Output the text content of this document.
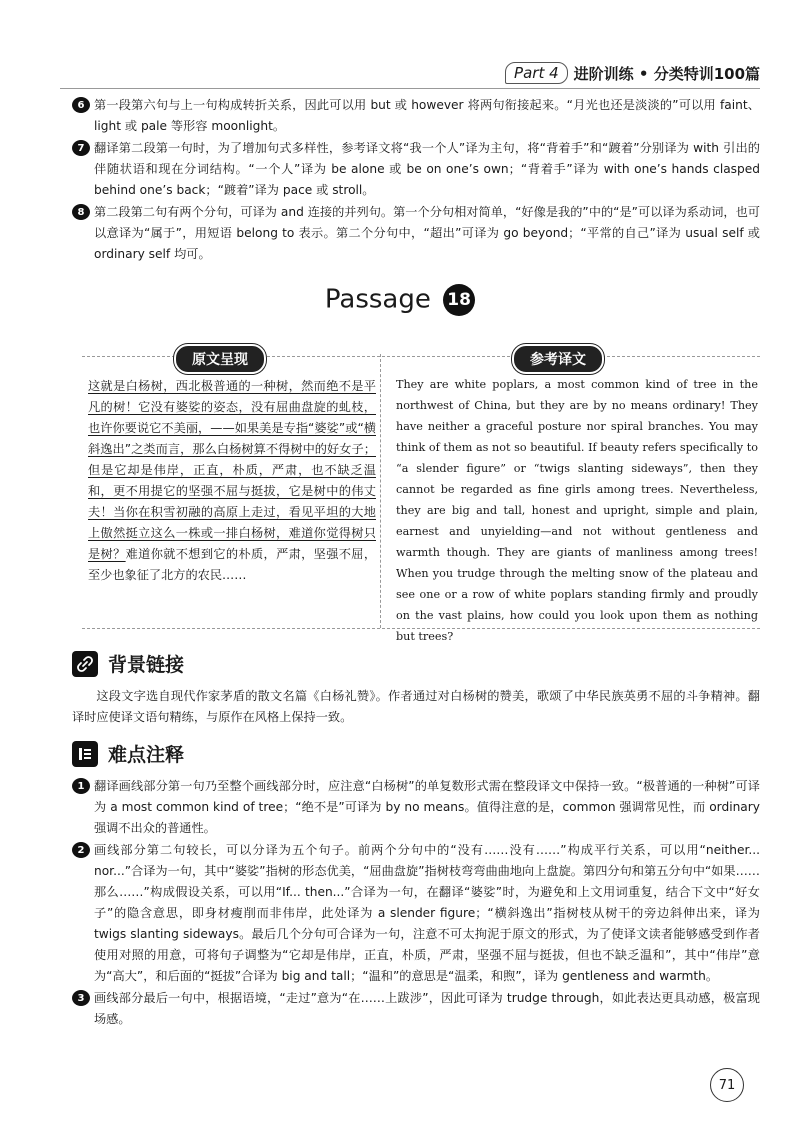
Part 4	进阶训练 • 分类特训100篇
6 第一段第六句与上一句构成转折关系，因此可以用 but 或 however 将两句衔接起来。“月光也还是淡淡的”可以用 faint、light 或 pale 等形容 moonlight。
7 翻译第二段第一句时，为了增加句式多样性，参考译文将“我一个人”译为主句，将“背着手”和“踱着”分别译为 with 引出的伴随状语和现在分词结构。“一个人”译为 be alone 或 be on one’s own；“背着手”译为 with one’s hands clasped behind one’s back；“踱着”译为 pace 或 stroll。
8 第二段第二句有两个分句，可译为 and 连接的并列句。第一个分句相对简单，“好像是我的”中的“是”可以译为系动词，也可以意译为“属于”，用短语 belong to 表示。第二个分句中，“超出”可译为 go beyond；“平常的自己”译为 usual self 或 ordinary self 均可。
Passage 18
原文呈现	参考译文
这就是白杨树，西北极普通的一种树，然而绝不是平凡的树！它没有婆娑的姿态，没有屈曲盘旋的虬枝，也许你要说它不美丽，——如果美是专指“婆娑”或“横斜逸出”之类而言，那么白杨树算不得树中的好女子；但是它却是伟岸，正直，朴质，严肃，也不缺乏温和，更不用提它的坚强不屈与挺拔，它是树中的伟丈夫！当你在积雪初融的高原上走过，看见平坦的大地上傲然挺立这么一株或一排白杨树，难道你觉得树只是树？难道你就不想到它的朴质，严肃，坚强不屈，至少也象征了北方的农民……
They are white poplars, a most common kind of tree in the northwest of China, but they are by no means ordinary! They have neither a graceful posture nor spiral branches. You may think of them as not so beautiful. If beauty refers specifically to “a slender figure” or “twigs slanting sideways”, then they cannot be regarded as fine girls among trees. Nevertheless, they are big and tall, honest and upright, simple and plain, earnest and unyielding—and not without gentleness and warmth though. They are giants of manliness among trees! When you trudge through the melting snow of the plateau and see one or a row of white poplars standing firmly and proudly on the vast plains, how could you look upon them as nothing but trees?
背景链接
这段文字选自现代作家茅盾的散文名篇《白杨礼赞》。作者通过对白杨树的赞美，歌颂了中华民族英勇不屈的斗争精神。翻译时应使译文语句精练，与原作在风格上保持一致。
难点注释
1 翻译画线部分第一句乃至整个画线部分时，应注意“白杨树”的单复数形式需在整段译文中保持一致。“极普通的一种树”可译为 a most common kind of tree；“绝不是”可译为 by no means。值得注意的是，common 强调常见性，而 ordinary 强调不出众的普通性。
2 画线部分第二句较长，可以分译为五个句子。前两个分句中的“没有……没有……”构成平行关系，可以用“neither... nor...”合译为一句，其中“婆娑”指树的形态优美，“屈曲盘旋”指树枝弯弯曲曲地向上盘旋。第四分句和第五分句中“如果……那么……”构成假设关系，可以用“If... then...”合译为一句，在翻译“婆娑”时，为避免和上文用词重复，结合下文中“好女子”的隐含意思，即身材瘦削而非伟岸，此处译为 a slender figure；“横斜逸出”指树枝从树干的旁边斜伸出来，译为 twigs slanting sideways。最后几个分句可合译为一句，注意不可太拘泥于原文的形式，为了使译文读者能够感受到作者使用对照的用意，可将句子调整为“它却是伟岸，正直，朴质，严肃，坚强不屈与挺拔，但也不缺乏温和”，其中“伟岸”意为“高大”，和后面的“挺拔”合译为 big and tall；“温和”的意思是“温柔，和煦”，译为 gentleness and warmth。
3 画线部分最后一句中，根据语境，“走过”意为“在……上跋涉”，因此可译为 trudge through，如此表达更具动感，极富现场感。
71
